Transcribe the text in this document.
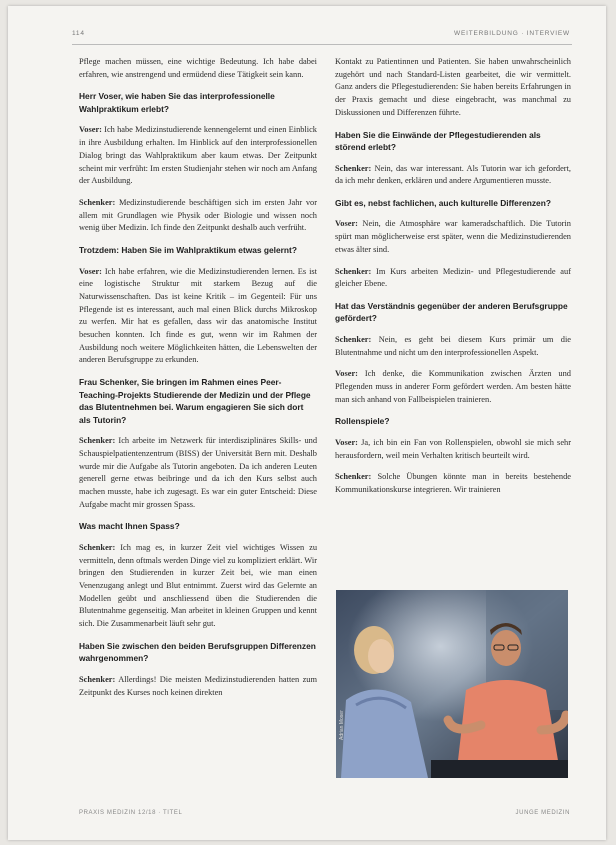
114	WEITERBILDUNG · INTERVIEW

Pflege machen müssen, eine wichtige Bedeutung. Ich habe dabei erfahren, wie anstrengend und ermüdend diese Tätigkeit sein kann.

Herr Voser, wie haben Sie das interprofessionelle Wahlpraktikum erlebt?

Voser: Ich habe Medizinstudierende kennengelernt und einen Einblick in ihre Ausbildung erhalten. Im Hinblick auf den interprofessionellen Dialog bringt das Wahlpraktikum aber kaum etwas. Der Zeitpunkt scheint mir verfrüht: Im ersten Studienjahr stehen wir noch am Anfang der Ausbildung.

Schenker: Medizinstudierende beschäftigen sich im ersten Jahr vor allem mit Grundlagen wie Physik oder Biologie und wissen noch wenig über Medizin. Ich finde den Zeitpunkt deshalb auch verfrüht.

Trotzdem: Haben Sie im Wahlpraktikum etwas gelernt?

Voser: Ich habe erfahren, wie die Medizinstudierenden lernen. Es ist eine logistische Struktur mit starkem Bezug auf die Naturwissenschaften. Das ist keine Kritik – im Gegenteil: Für uns Pflegende ist es interessant, auch mal einen Blick durchs Mikroskop zu werfen. Mir hat es gefallen, dass wir das anatomische Institut besuchen konnten. Ich finde es gut, wenn wir im Rahmen der Ausbildung noch weitere Möglichkeiten hätten, die Lebenswelten der anderen Berufsgruppe zu erkunden.

Frau Schenker, Sie bringen im Rahmen eines Peer-Teaching-Projekts Studierende der Medizin und der Pflege das Blutentnehmen bei. Warum engagieren Sie sich dort als Tutorin?

Schenker: Ich arbeite im Netzwerk für interdisziplinäres Skills- und Schauspielpatientenzentrum (BISS) der Universität Bern mit. Deshalb wurde mir die Aufgabe als Tutorin angeboten. Da ich anderen Leuten generell gerne etwas beibringe und da ich den Kurs selbst auch machen musste, habe ich zugesagt. Es war ein guter Entscheid: Diese Aufgabe macht mir grossen Spass.

Was macht Ihnen Spass?

Schenker: Ich mag es, in kurzer Zeit viel wichtiges Wissen zu vermitteln, denn oftmals werden Dinge viel zu kompliziert erklärt. Wir bringen den Studierenden in kurzer Zeit bei, wie man einen Venenzugang anlegt und Blut entnimmt. Zuerst wird das Gelernte an Modellen geübt und anschliessend üben die Studierenden die Blutentnahme gegenseitig. Man arbeitet in kleinen Gruppen und kennt sich. Die Zusammenarbeit läuft sehr gut.

Haben Sie zwischen den beiden Berufsgruppen Differenzen wahrgenommen?

Schenker: Allerdings! Die meisten Medizinstudierenden hatten zum Zeitpunkt des Kurses noch keinen direkten

Kontakt zu Patientinnen und Patienten. Sie haben unwahrscheinlich zugehört und nach Standard-Listen gearbeitet, die wir vermittelt. Ganz anders die Pflegestudierenden: Sie haben bereits Erfahrungen in der Praxis gemacht und diese eingebracht, was manchmal zu Diskussionen und Differenzen führte.

Haben Sie die Einwände der Pflegestudierenden als störend erlebt?

Schenker: Nein, das war interessant. Als Tutorin war ich gefordert, da ich mehr denken, erklären und andere Argumentieren musste.

Gibt es, nebst fachlichen, auch kulturelle Differenzen?

Voser: Nein, die Atmosphäre war kameradschaftlich. Die Tutorin spürt man möglicherweise erst später, wenn die Medizinstudierenden etwas älter sind.

Schenker: Im Kurs arbeiten Medizin- und Pflegestudierende auf gleicher Ebene.

Hat das Verständnis gegenüber der anderen Berufsgruppe gefördert?

Schenker: Nein, es geht bei diesem Kurs primär um die Blutentnahme und nicht um den interprofessionellen Aspekt.

Voser: Ich denke, die Kommunikation zwischen Ärzten und Pflegenden muss in anderer Form gefördert werden. Am besten hätte man sich anhand von Fallbeispielen trainieren.

Rollenspiele?

Voser: Ja, ich bin ein Fan von Rollenspielen, obwohl sie mich sehr herausfordern, weil mein Verhalten kritisch beurteilt wird.

Schenker: Solche Übungen könnte man in bereits bestehende Kommunikationskurse integrieren. Wir trainieren

Adrian Moser
PRAXIS MEDIZIN 12/18 · TITEL	JUNGE MEDIZIN
